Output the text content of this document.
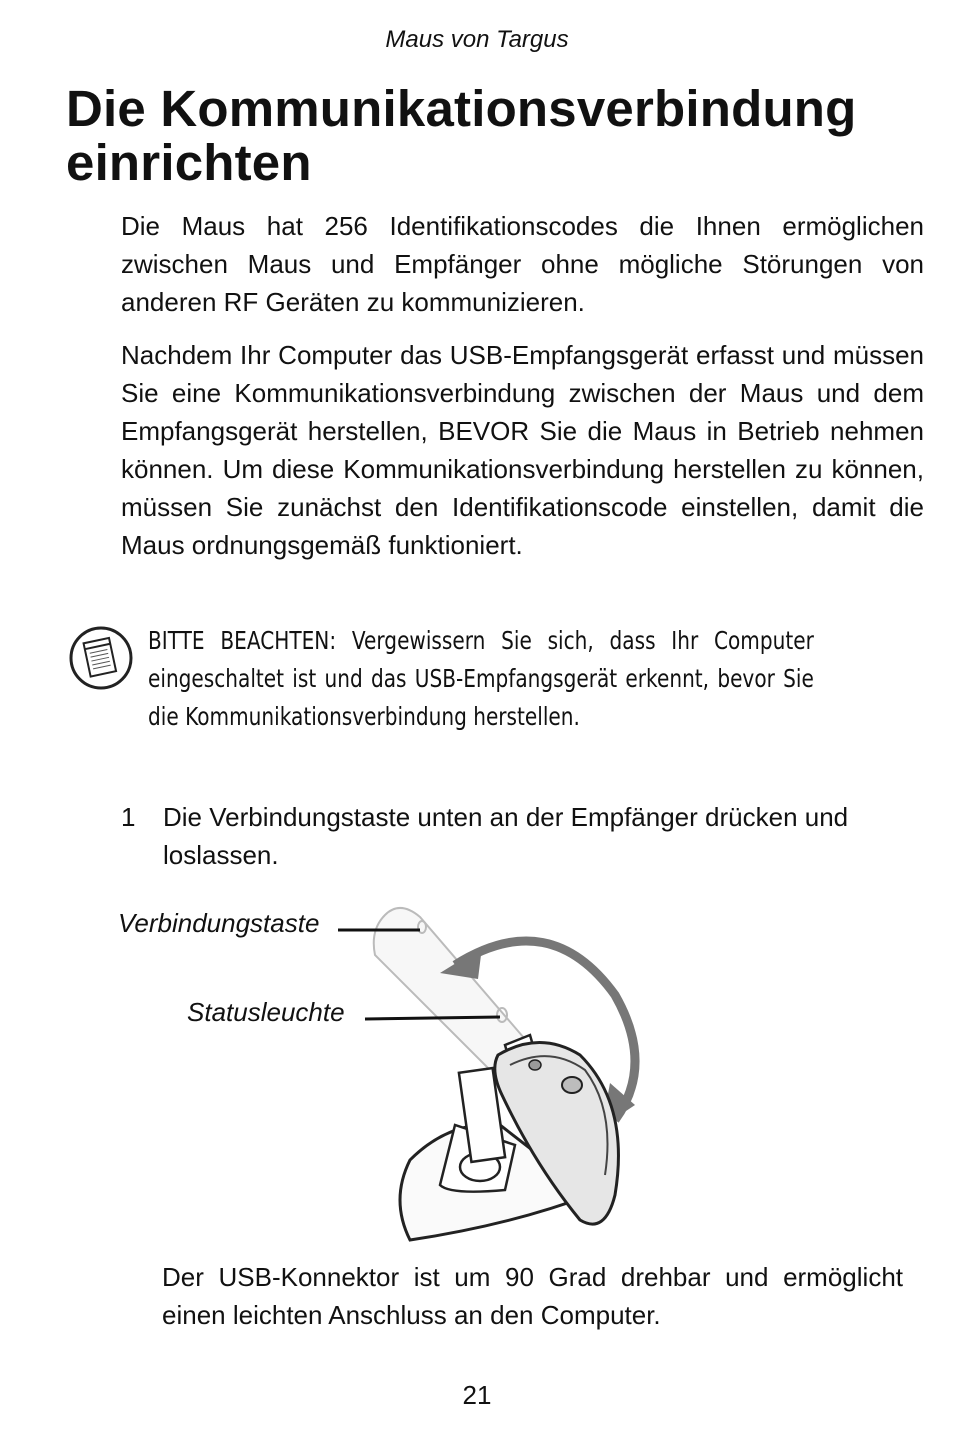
Maus von Targus
Die Kommunikationsverbindung einrichten

Die Maus hat 256 Identifikationscodes die Ihnen ermöglichen zwischen Maus und Empfänger ohne mögliche Störungen von anderen RF Geräten zu kommunizieren.

Nachdem Ihr Computer das USB-Empfangsgerät erfasst und müssen Sie eine Kommunikationsverbindung zwischen der Maus und dem Empfangsgerät herstellen, BEVOR Sie die Maus in Betrieb nehmen können. Um diese Kommunikationsverbindung herstellen zu können, müssen Sie zunächst den Identifikationscode einstellen, damit die Maus ordnungsgemäß funktioniert.

BITTE BEACHTEN: Vergewissern Sie sich, dass Ihr Computer eingeschaltet ist und das USB-Empfangsgerät erkennt, bevor Sie die Kommunikationsverbindung herstellen.

1 Die Verbindungstaste unten an der Empfänger drücken und loslassen.

Verbindungstaste
Statusleuchte

Der USB-Konnektor ist um 90 Grad drehbar und ermöglicht einen leichten Anschluss an den Computer.

21
